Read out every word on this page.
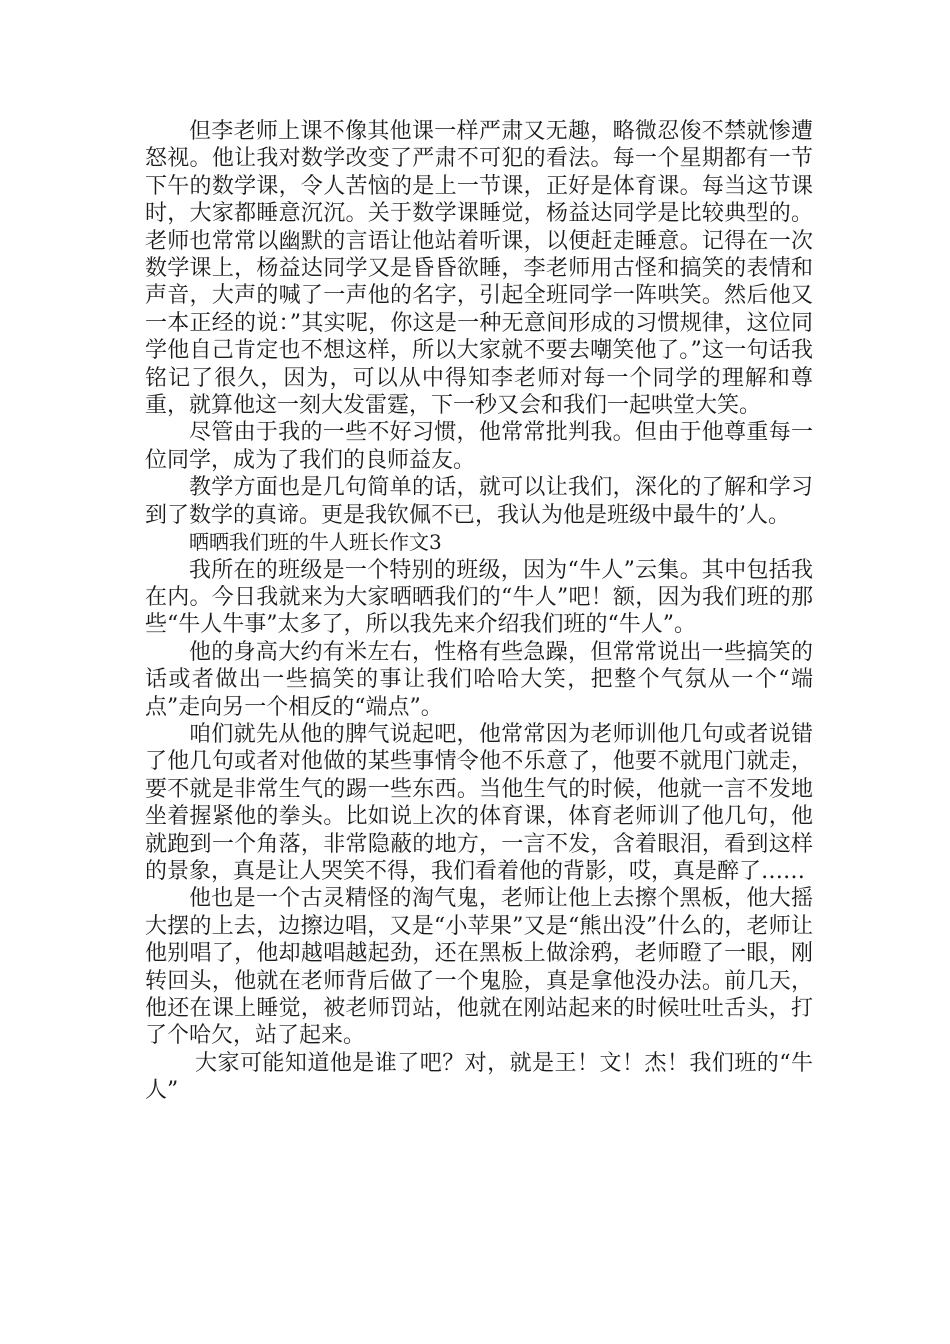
但李老师上课不像其他课一样严肃又无趣，略微忍俊不禁就惨遭怒视。他让我对数学改变了严肃不可犯的看法。每一个星期都有一节下午的数学课，令人苦恼的是上一节课，正好是体育课。每当这节课时，大家都睡意沉沉。关于数学课睡觉，杨益达同学是比较典型的。老师也常常以幽默的言语让他站着听课，以便赶走睡意。记得在一次数学课上，杨益达同学又是昏昏欲睡，李老师用古怪和搞笑的表情和声音，大声的喊了一声他的名字，引起全班同学一阵哄笑。然后他又一本正经的说：”其实呢，你这是一种无意间形成的习惯规律，这位同学他自己肯定也不想这样，所以大家就不要去嘲笑他了。”这一句话我铭记了很久，因为，可以从中得知李老师对每一个同学的理解和尊重，就算他这一刻大发雷霆，下一秒又会和我们一起哄堂大笑。

尽管由于我的一些不好习惯，他常常批判我。但由于他尊重每一位同学，成为了我们的良师益友。

教学方面也是几句简单的话，就可以让我们，深化的了解和学习到了数学的真谛。更是我钦佩不已，我认为他是班级中最牛的’人。

晒晒我们班的牛人班长作文3

我所在的班级是一个特别的班级，因为“牛人”云集。其中包括我在内。今日我就来为大家晒晒我们的“牛人”吧！额，因为我们班的那些“牛人牛事”太多了，所以我先来介绍我们班的“牛人”。

他的身高大约有米左右，性格有些急躁，但常常说出一些搞笑的话或者做出一些搞笑的事让我们哈哈大笑，把整个气氛从一个“端点”走向另一个相反的“端点”。

咱们就先从他的脾气说起吧，他常常因为老师训他几句或者说错了他几句或者对他做的某些事情令他不乐意了，他要不就甩门就走，要不就是非常生气的踢一些东西。当他生气的时候，他就一言不发地坐着握紧他的拳头。比如说上次的体育课，体育老师训了他几句，他就跑到一个角落，非常隐蔽的地方，一言不发，含着眼泪，看到这样的景象，真是让人哭笑不得，我们看着他的背影，哎，真是醉了……

他也是一个古灵精怪的淘气鬼，老师让他上去擦个黑板，他大摇大摆的上去，边擦边唱，又是“小苹果”又是“熊出没”什么的，老师让他别唱了，他却越唱越起劲，还在黑板上做涂鸦，老师瞪了一眼，刚转回头，他就在老师背后做了一个鬼脸，真是拿他没办法。前几天，他还在课上睡觉，被老师罚站，他就在刚站起来的时候吐吐舌头，打了个哈欠，站了起来。

大家可能知道他是谁了吧？对，就是王！文！杰！我们班的“牛人”
